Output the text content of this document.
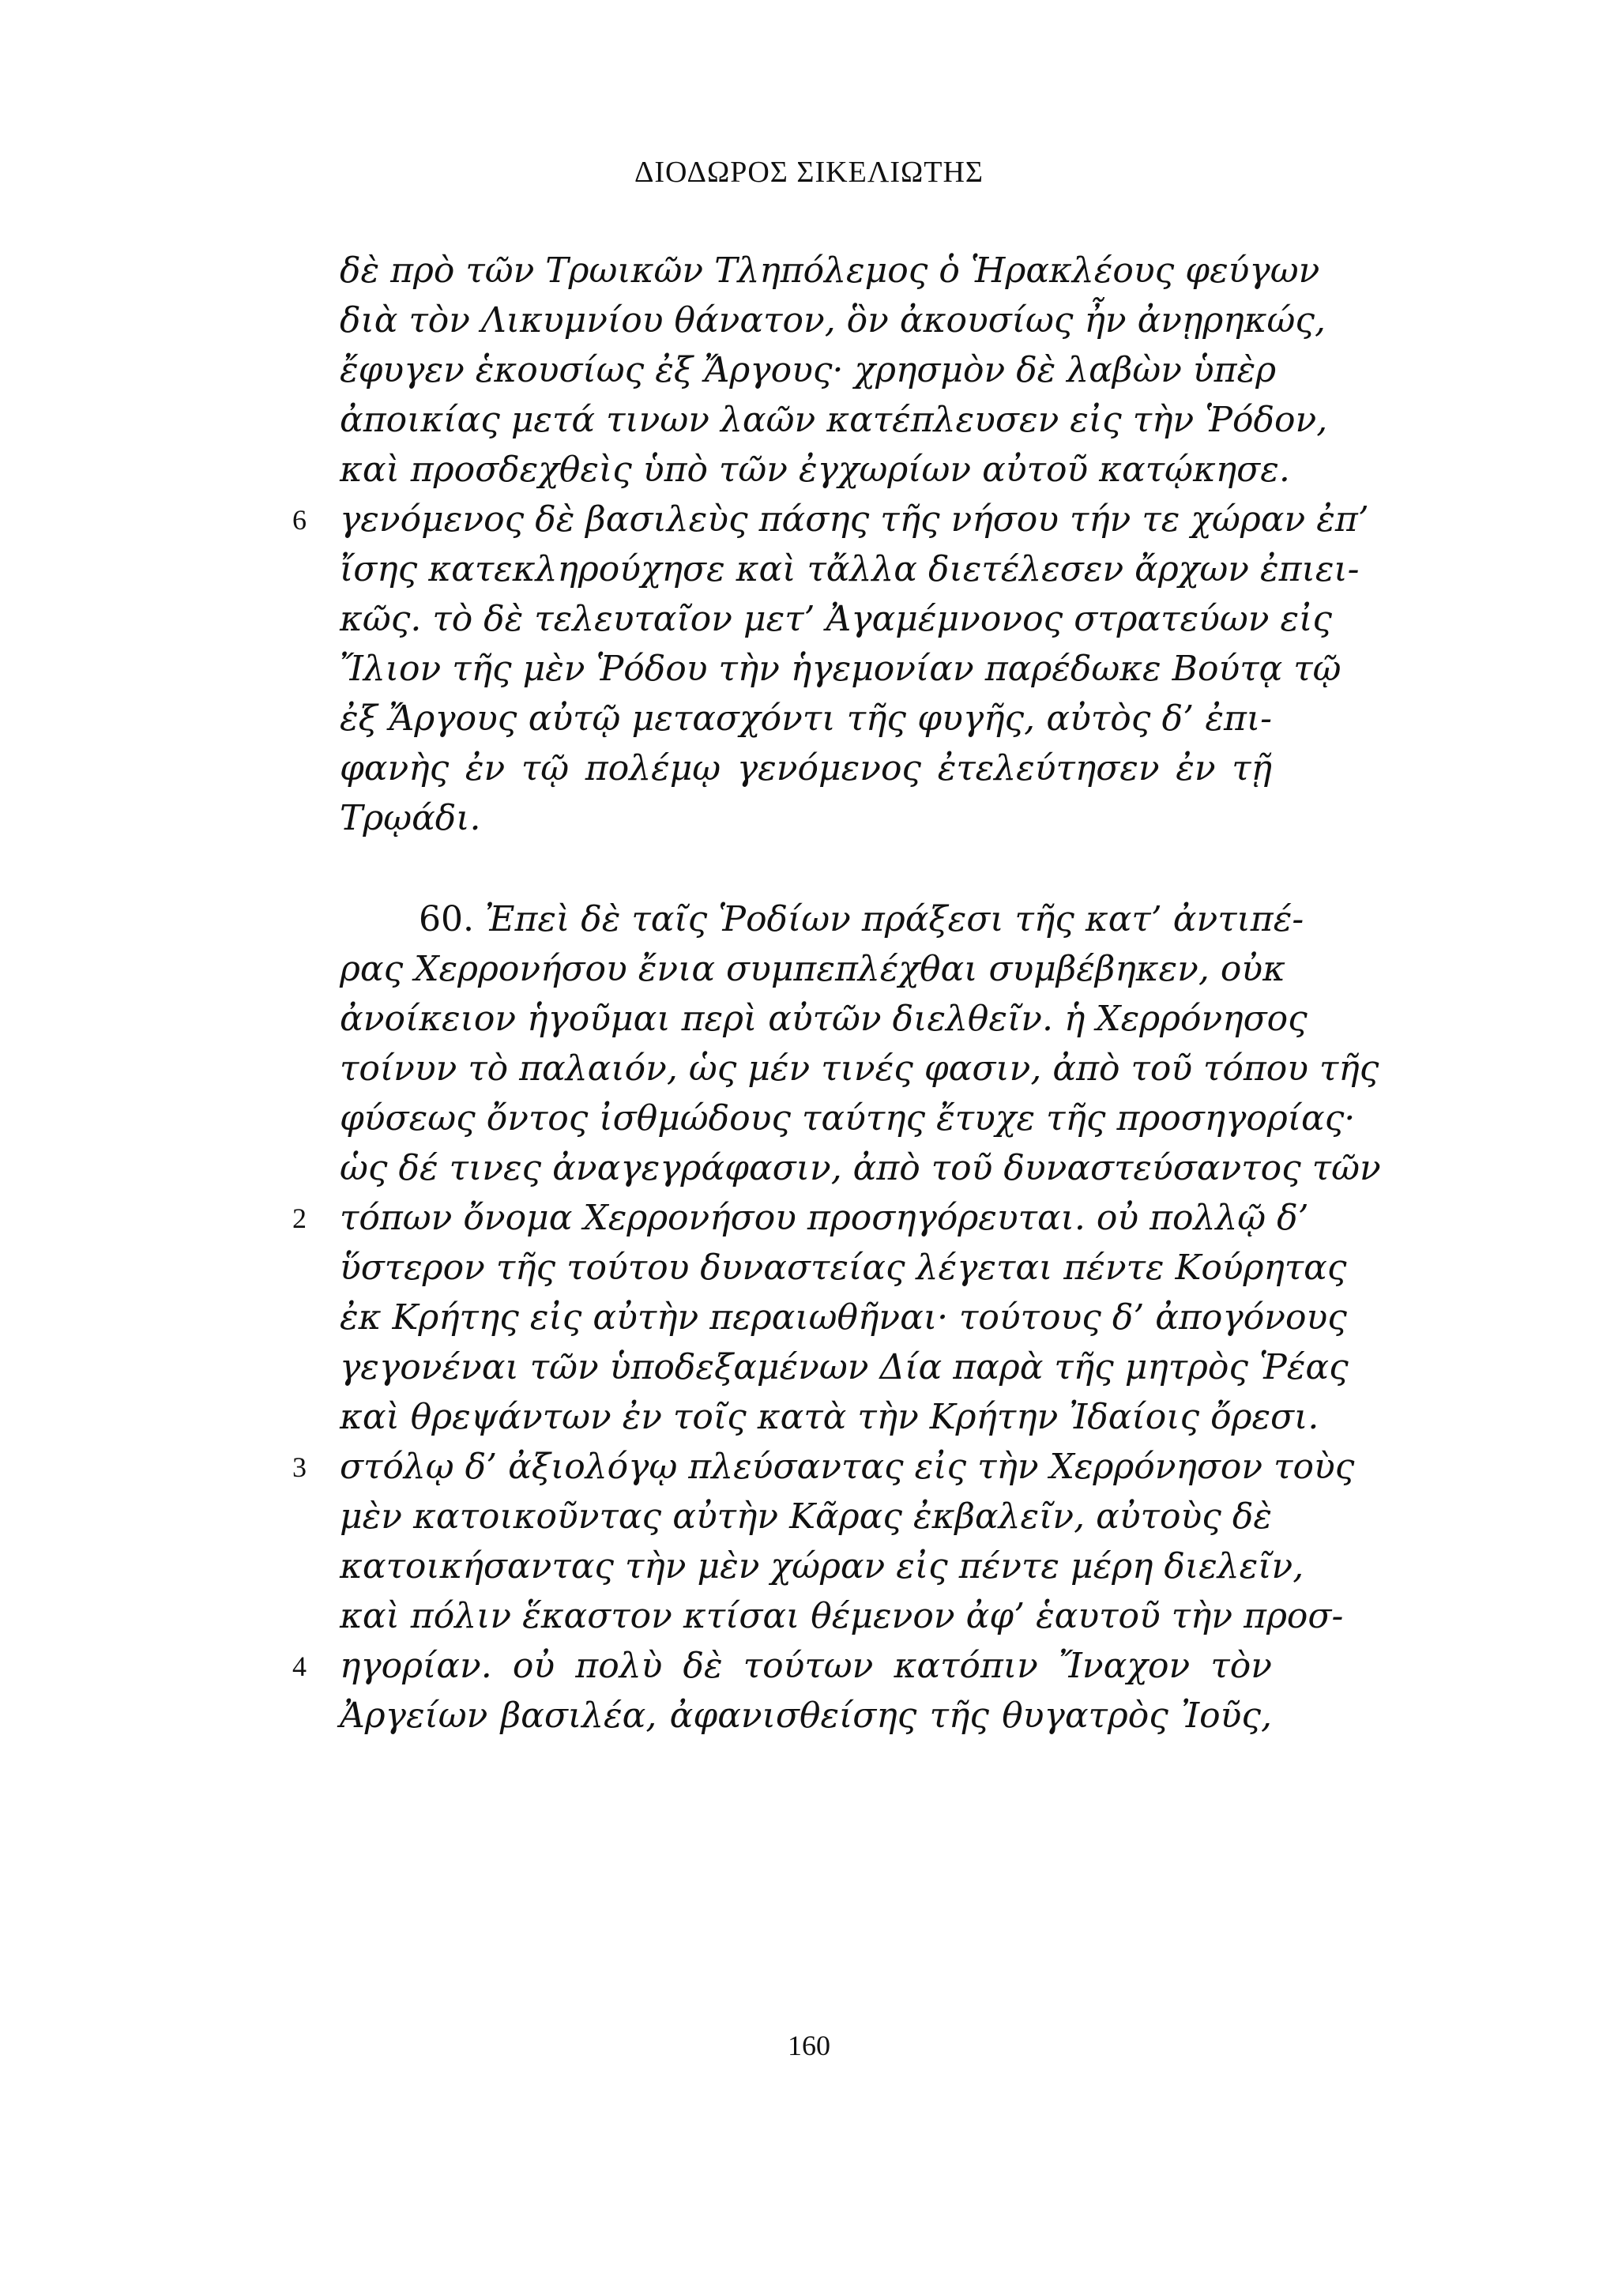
ΔΙΟΔΩΡΟΣ ΣΙΚΕΛΙΩΤΗΣ
δὲ πρὸ τῶν Τρωικῶν Τληπόλεμος ὁ Ἡρακλέους φεύγων
διὰ τὸν Λικυμνίου θάνατον, ὃν ἀκουσίως ἦν ἀνῃρηκώς,
ἔφυγεν ἑκουσίως ἐξ Ἄργους· χρησμὸν δὲ λαβὼν ὑπὲρ
ἀποικίας μετά τινων λαῶν κατέπλευσεν εἰς τὴν Ῥόδον,
καὶ προσδεχθεὶς ὑπὸ τῶν ἐγχωρίων αὐτοῦ κατῴκησε.
6 γενόμενος δὲ βασιλεὺς πάσης τῆς νήσου τήν τε χώραν ἐπ’
ἴσης κατεκληρούχησε καὶ τἄλλα διετέλεσεν ἄρχων ἐπιει-
κῶς. τὸ δὲ τελευταῖον μετ’ Ἀγαμέμνονος στρατεύων εἰς
Ἴλιον τῆς μὲν Ῥόδου τὴν ἡγεμονίαν παρέδωκε Βούτᾳ τῷ
ἐξ Ἄργους αὐτῷ μετασχόντι τῆς φυγῆς, αὐτὸς δ’ ἐπι-
φανὴς ἐν τῷ πολέμῳ γενόμενος ἐτελεύτησεν ἐν τῇ
Τρῳάδι.
60. Ἐπεὶ δὲ ταῖς Ῥοδίων πράξεσι τῆς κατ’ ἀντιπέ-
ρας Χερρονήσου ἔνια συμπεπλέχθαι συμβέβηκεν, οὐκ
ἀνοίκειον ἡγοῦμαι περὶ αὐτῶν διελθεῖν. ἡ Χερρόνησος
τοίνυν τὸ παλαιόν, ὡς μέν τινές φασιν, ἀπὸ τοῦ τόπου τῆς
φύσεως ὄντος ἰσθμώδους ταύτης ἔτυχε τῆς προσηγορίας·
ὡς δέ τινες ἀναγεγράφασιν, ἀπὸ τοῦ δυναστεύσαντος τῶν
2 τόπων ὄνομα Χερρονήσου προσηγόρευται. οὐ πολλῷ δ’
ὕστερον τῆς τούτου δυναστείας λέγεται πέντε Κούρητας
ἐκ Κρήτης εἰς αὐτὴν περαιωθῆναι· τούτους δ’ ἀπογόνους
γεγονέναι τῶν ὑποδεξαμένων Δία παρὰ τῆς μητρὸς Ῥέας
καὶ θρεψάντων ἐν τοῖς κατὰ τὴν Κρήτην Ἰδαίοις ὄρεσι.
3 στόλῳ δ’ ἀξιολόγῳ πλεύσαντας εἰς τὴν Χερρόνησον τοὺς
μὲν κατοικοῦντας αὐτὴν Κᾶρας ἐκβαλεῖν, αὐτοὺς δὲ
κατοικήσαντας τὴν μὲν χώραν εἰς πέντε μέρη διελεῖν,
καὶ πόλιν ἕκαστον κτίσαι θέμενον ἀφ’ ἑαυτοῦ τὴν προσ-
4 ηγορίαν. οὐ πολὺ δὲ τούτων κατόπιν Ἴναχον τὸν
Ἀργείων βασιλέα, ἀφανισθείσης τῆς θυγατρὸς Ἰοῦς,
160
